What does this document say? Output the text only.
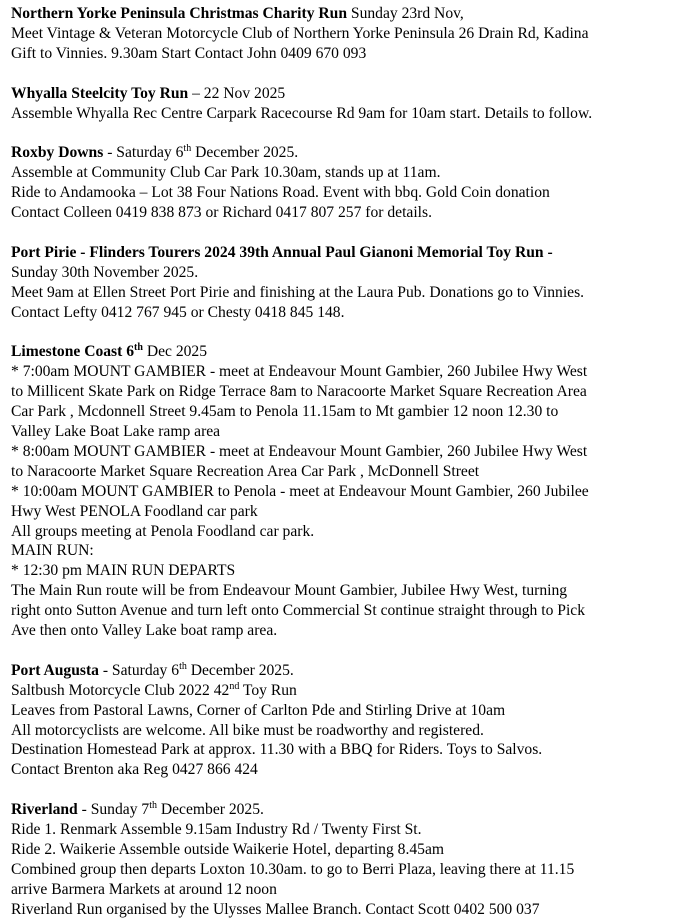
Northern Yorke Peninsula Christmas Charity Run Sunday 23rd Nov,
Meet Vintage & Veteran Motorcycle Club of Northern Yorke Peninsula 26 Drain Rd, Kadina
Gift to Vinnies. 9.30am Start Contact John 0409 670 093
Whyalla Steelcity Toy Run – 22 Nov 2025
Assemble Whyalla Rec Centre Carpark Racecourse Rd 9am for 10am start. Details to follow.
Roxby Downs - Saturday 6th December 2025.
Assemble at Community Club Car Park 10.30am, stands up at 11am.
Ride to Andamooka – Lot 38 Four Nations Road. Event with bbq. Gold Coin donation
Contact Colleen 0419 838 873 or Richard 0417 807 257 for details.
Port Pirie - Flinders Tourers 2024 39th Annual Paul Gianoni Memorial Toy Run -
Sunday 30th November 2025.
Meet 9am at Ellen Street Port Pirie and finishing at the Laura Pub. Donations go to Vinnies.
Contact Lefty 0412 767 945 or Chesty 0418 845 148.
Limestone Coast 6th Dec 2025
* 7:00am MOUNT GAMBIER - meet at Endeavour Mount Gambier, 260 Jubilee Hwy West
to Millicent Skate Park on Ridge Terrace 8am to Naracoorte Market Square Recreation Area
Car Park , Mcdonnell Street 9.45am to Penola 11.15am to Mt gambier 12 noon 12.30 to
Valley Lake Boat Lake ramp area
* 8:00am MOUNT GAMBIER - meet at Endeavour Mount Gambier, 260 Jubilee Hwy West
to Naracoorte Market Square Recreation Area Car Park , McDonnell Street
* 10:00am MOUNT GAMBIER to Penola - meet at Endeavour Mount Gambier, 260 Jubilee
Hwy West PENOLA Foodland car park
All groups meeting at Penola Foodland car park.
MAIN RUN:
* 12:30 pm MAIN RUN DEPARTS
The Main Run route will be from Endeavour Mount Gambier, Jubilee Hwy West, turning
right onto Sutton Avenue and turn left onto Commercial St continue straight through to Pick
Ave then onto Valley Lake boat ramp area.
Port Augusta - Saturday 6th December 2025.
Saltbush Motorcycle Club 2022 42nd Toy Run
Leaves from Pastoral Lawns, Corner of Carlton Pde and Stirling Drive at 10am
All motorcyclists are welcome. All bike must be roadworthy and registered.
Destination Homestead Park at approx. 11.30 with a BBQ for Riders. Toys to Salvos.
Contact Brenton aka Reg 0427 866 424
Riverland - Sunday 7th December 2025.
Ride 1. Renmark Assemble 9.15am Industry Rd / Twenty First St.
Ride 2. Waikerie Assemble outside Waikerie Hotel, departing 8.45am
Combined group then departs Loxton 10.30am. to go to Berri Plaza, leaving there at 11.15
arrive Barmera Markets at around 12 noon
Riverland Run organised by the Ulysses Mallee Branch. Contact Scott 0402 500 037
